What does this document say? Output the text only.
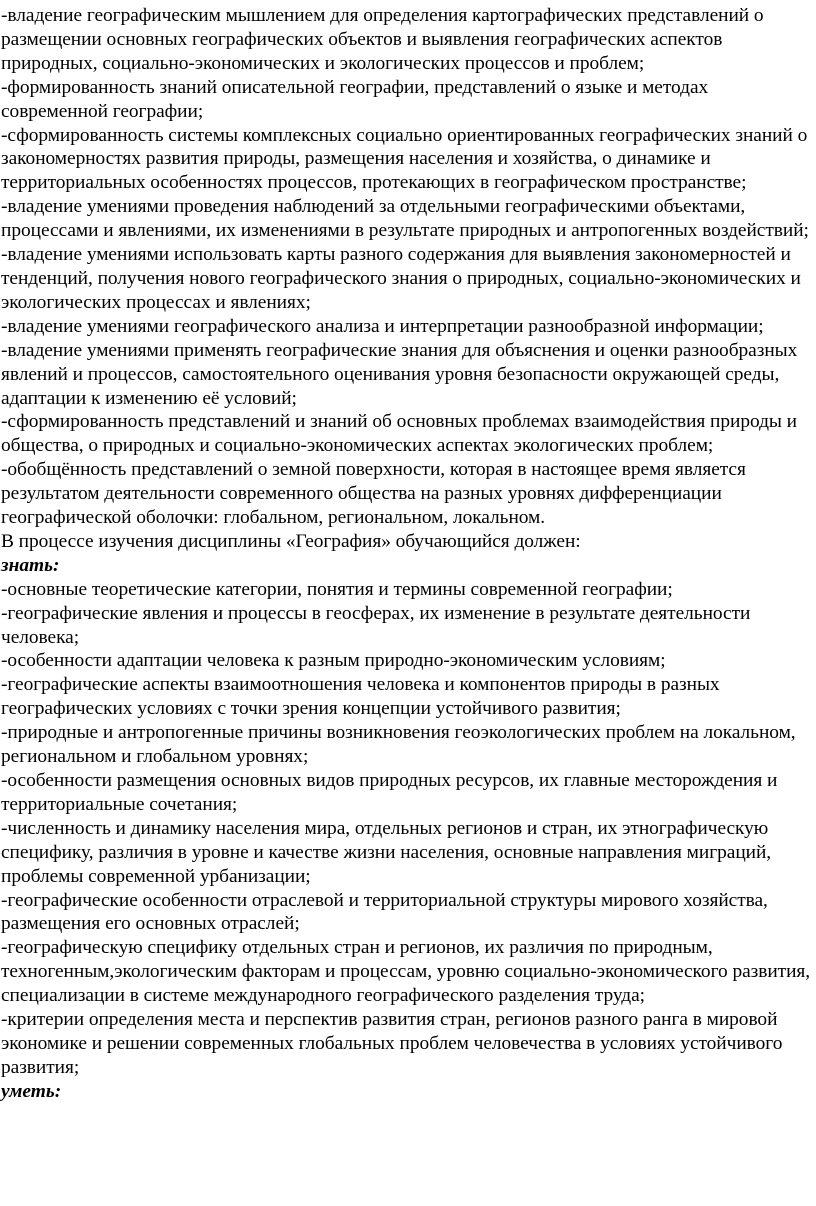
-владение географическим мышлением для определения картографических представлений о размещении основных географических объектов и выявления географических аспектов природных, социально-экономических и экологических процессов и проблем;

-формированность знаний описательной географии, представлений о языке и методах современной географии;

-сформированность системы комплексных социально ориентированных географических знаний о закономерностях развития природы, размещения населения и хозяйства, о динамике и территориальных особенностях процессов, протекающих в географическом пространстве;

-владение умениями проведения наблюдений за отдельными географическими объектами, процессами и явлениями, их изменениями в результате природных и антропогенных воздействий;

-владение умениями использовать карты разного содержания для выявления закономерностей и тенденций, получения нового географического знания о природных, социально-экономических и экологических процессах и явлениях;

-владение умениями географического анализа и интерпретации разнообразной информации;

-владение умениями применять географические знания для объяснения и оценки разнообразных явлений и процессов, самостоятельного оценивания уровня безопасности окружающей среды, адаптации к изменению её условий;

-сформированность представлений и знаний об основных проблемах взаимодействия природы и общества, о природных и социально-экономических аспектах экологических проблем;

-обобщённость представлений о земной поверхности, которая в настоящее время является результатом деятельности современного общества на разных уровнях дифференциации географической оболочки: глобальном, региональном, локальном.

В процессе изучения дисциплины «География» обучающийся должен:

знать:

-основные теоретические категории, понятия и термины современной географии;

-географические явления и процессы в геосферах, их изменение в результате деятельности человека;

-особенности адаптации человека к разным природно-экономическим условиям;

-географические аспекты взаимоотношения человека и компонентов природы в разных географических условиях с точки зрения концепции устойчивого развития;

-природные и антропогенные причины возникновения геоэкологических проблем на локальном, региональном и глобальном уровнях;

-особенности размещения основных видов природных ресурсов, их главные месторождения и территориальные сочетания;

-численность и динамику населения мира, отдельных регионов и стран, их этнографическую специфику, различия в уровне и качестве жизни населения, основные направления миграций, проблемы современной урбанизации;

-географические особенности отраслевой и территориальной структуры мирового хозяйства, размещения его основных отраслей;

-географическую специфику отдельных стран и регионов, их различия по природным, техногенным,экологическим факторам и процессам, уровню социально-экономического развития, специализации в системе международного географического разделения труда;

-критерии определения места и перспектив развития стран, регионов разного ранга в мировой экономике и решении современных глобальных проблем человечества в условиях устойчивого развития;

уметь:
